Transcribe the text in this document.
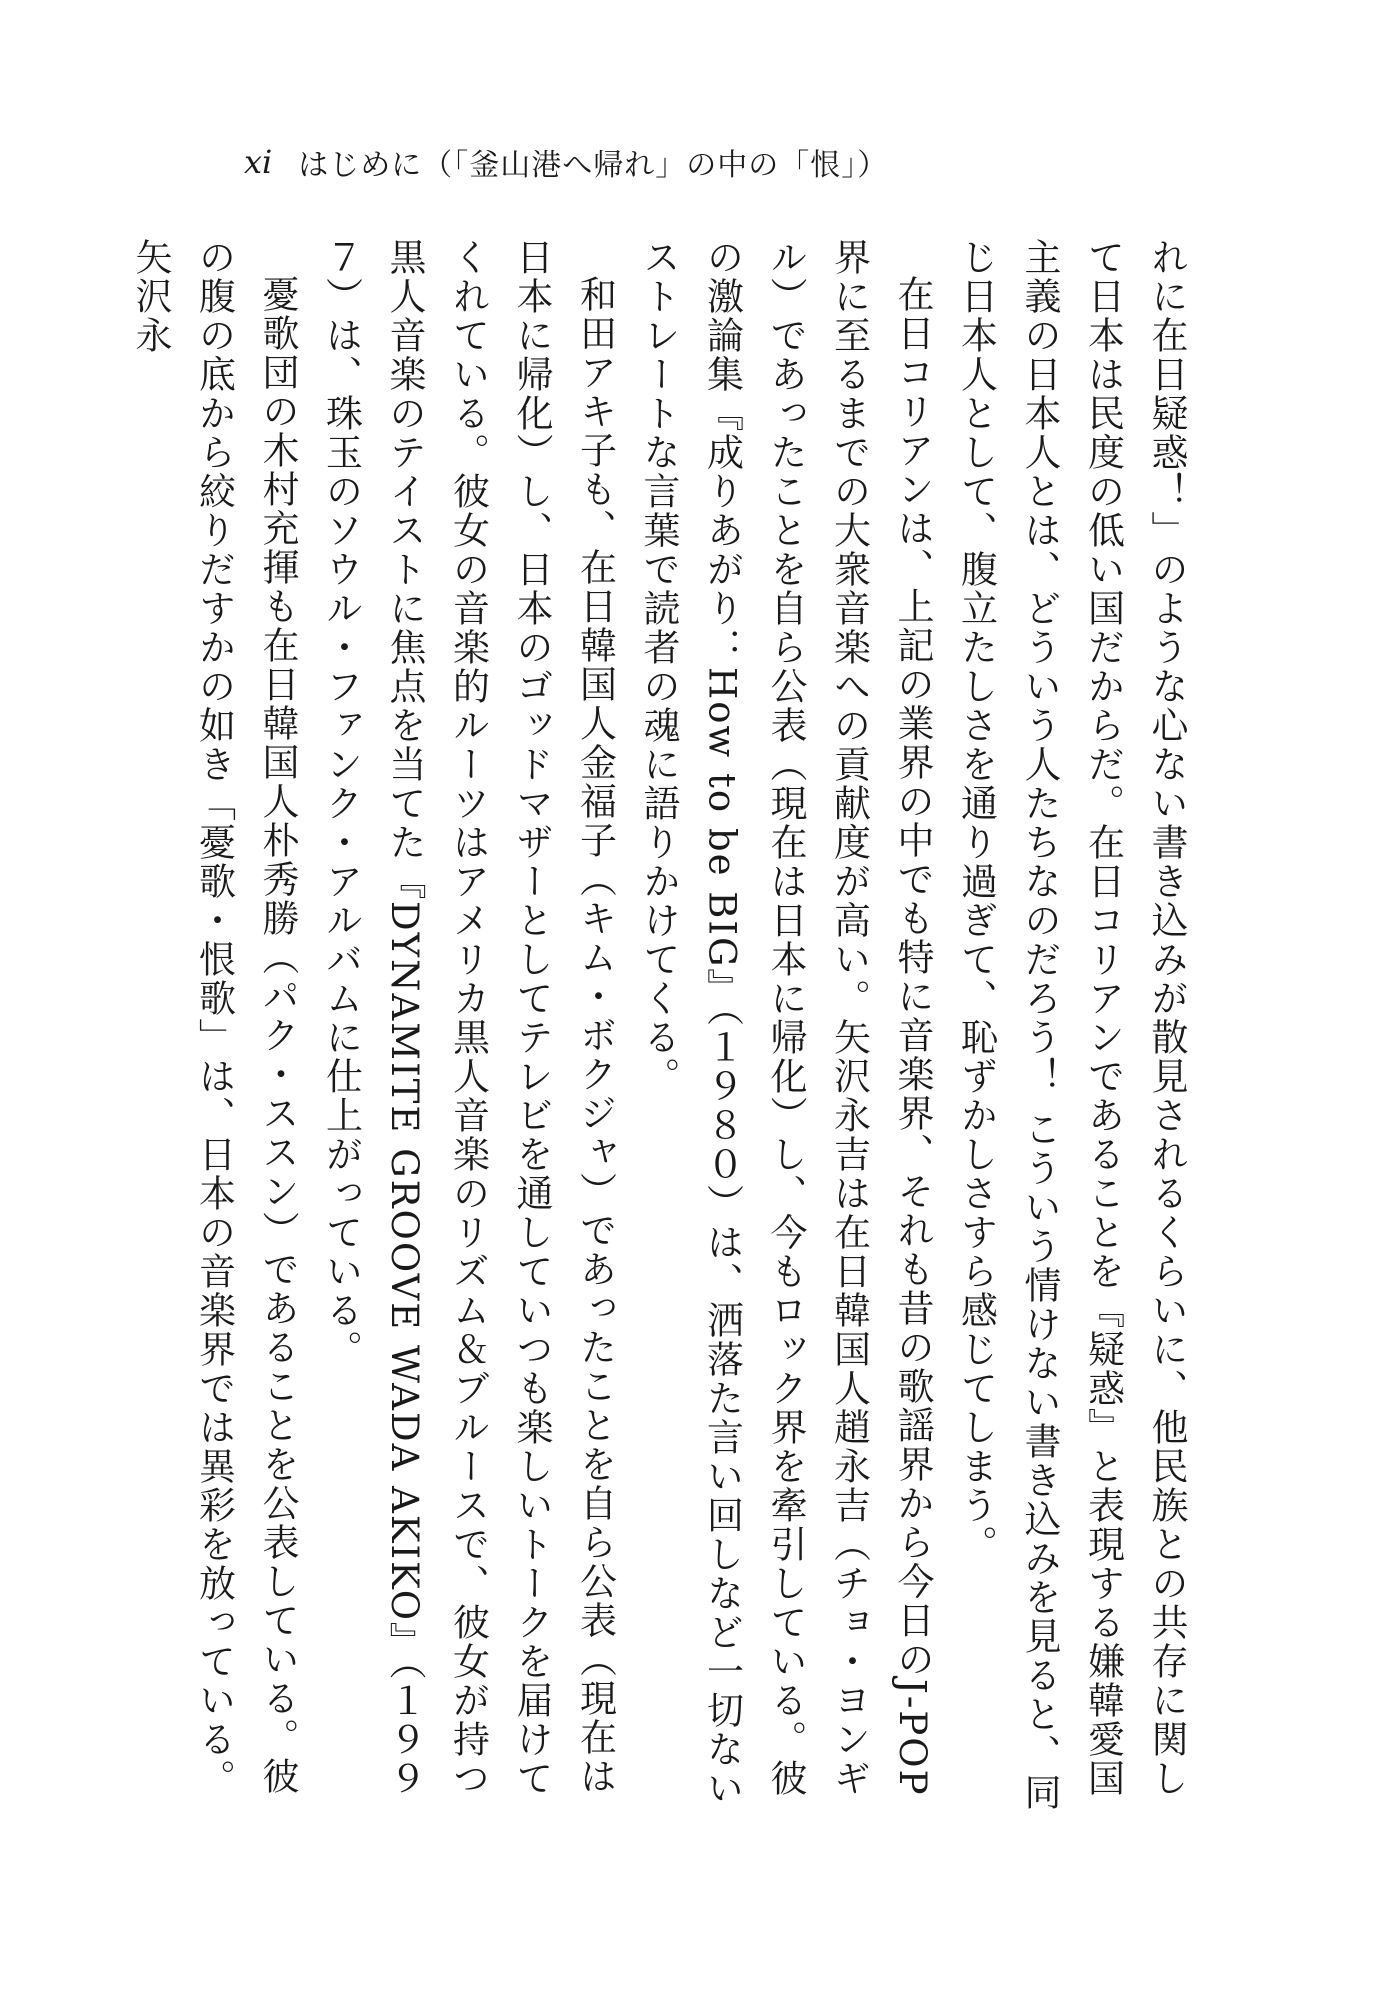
xi はじめに（「釜山港へ帰れ」の中の「恨」）

れに在日疑惑！」のような心ない書き込みが散見されるくらいに、他民族との共存に関して日本は民度の低い国だからだ。在日コリアンであることを『疑惑』と表現する嫌韓愛国主義の日本人とは、どういう人たちなのだろう！ こういう情けない書き込みを見ると、同じ日本人として、腹立たしさを通り過ぎて、恥ずかしさすら感じてしまう。

在日コリアンは、上記の業界の中でも特に音楽界、それも昔の歌謡界から今日のJ-POP界に至るまでの大衆音楽への貢献度が高い。矢沢永吉は在日韓国人趙永吉（チョ・ヨンギル）であったことを自ら公表（現在は日本に帰化）し、今もロック界を牽引している。彼の激論集『成りあがり：How to be BIG』（１９８０）は、洒落た言い回しなど一切ないストレートな言葉で読者の魂に語りかけてくる。

和田アキ子も、在日韓国人金福子（キム・ボクジャ）であったことを自ら公表（現在は日本に帰化）し、日本のゴッドマザーとしてテレビを通していつも楽しいトークを届けてくれている。彼女の音楽的ルーツはアメリカ黒人音楽のリズム＆ブルースで、彼女が持つ黒人音楽のテイストに焦点を当てた『DYNAMITE GROOVE WADA AKIKO』（１９９７）は、珠玉のソウル・ファンク・アルバムに仕上がっている。

憂歌団の木村充揮も在日韓国人朴秀勝（パク・ススン）であることを公表している。彼の腹の底から絞りだすかの如き「憂歌・恨歌」は、日本の音楽界では異彩を放っている。矢沢永
